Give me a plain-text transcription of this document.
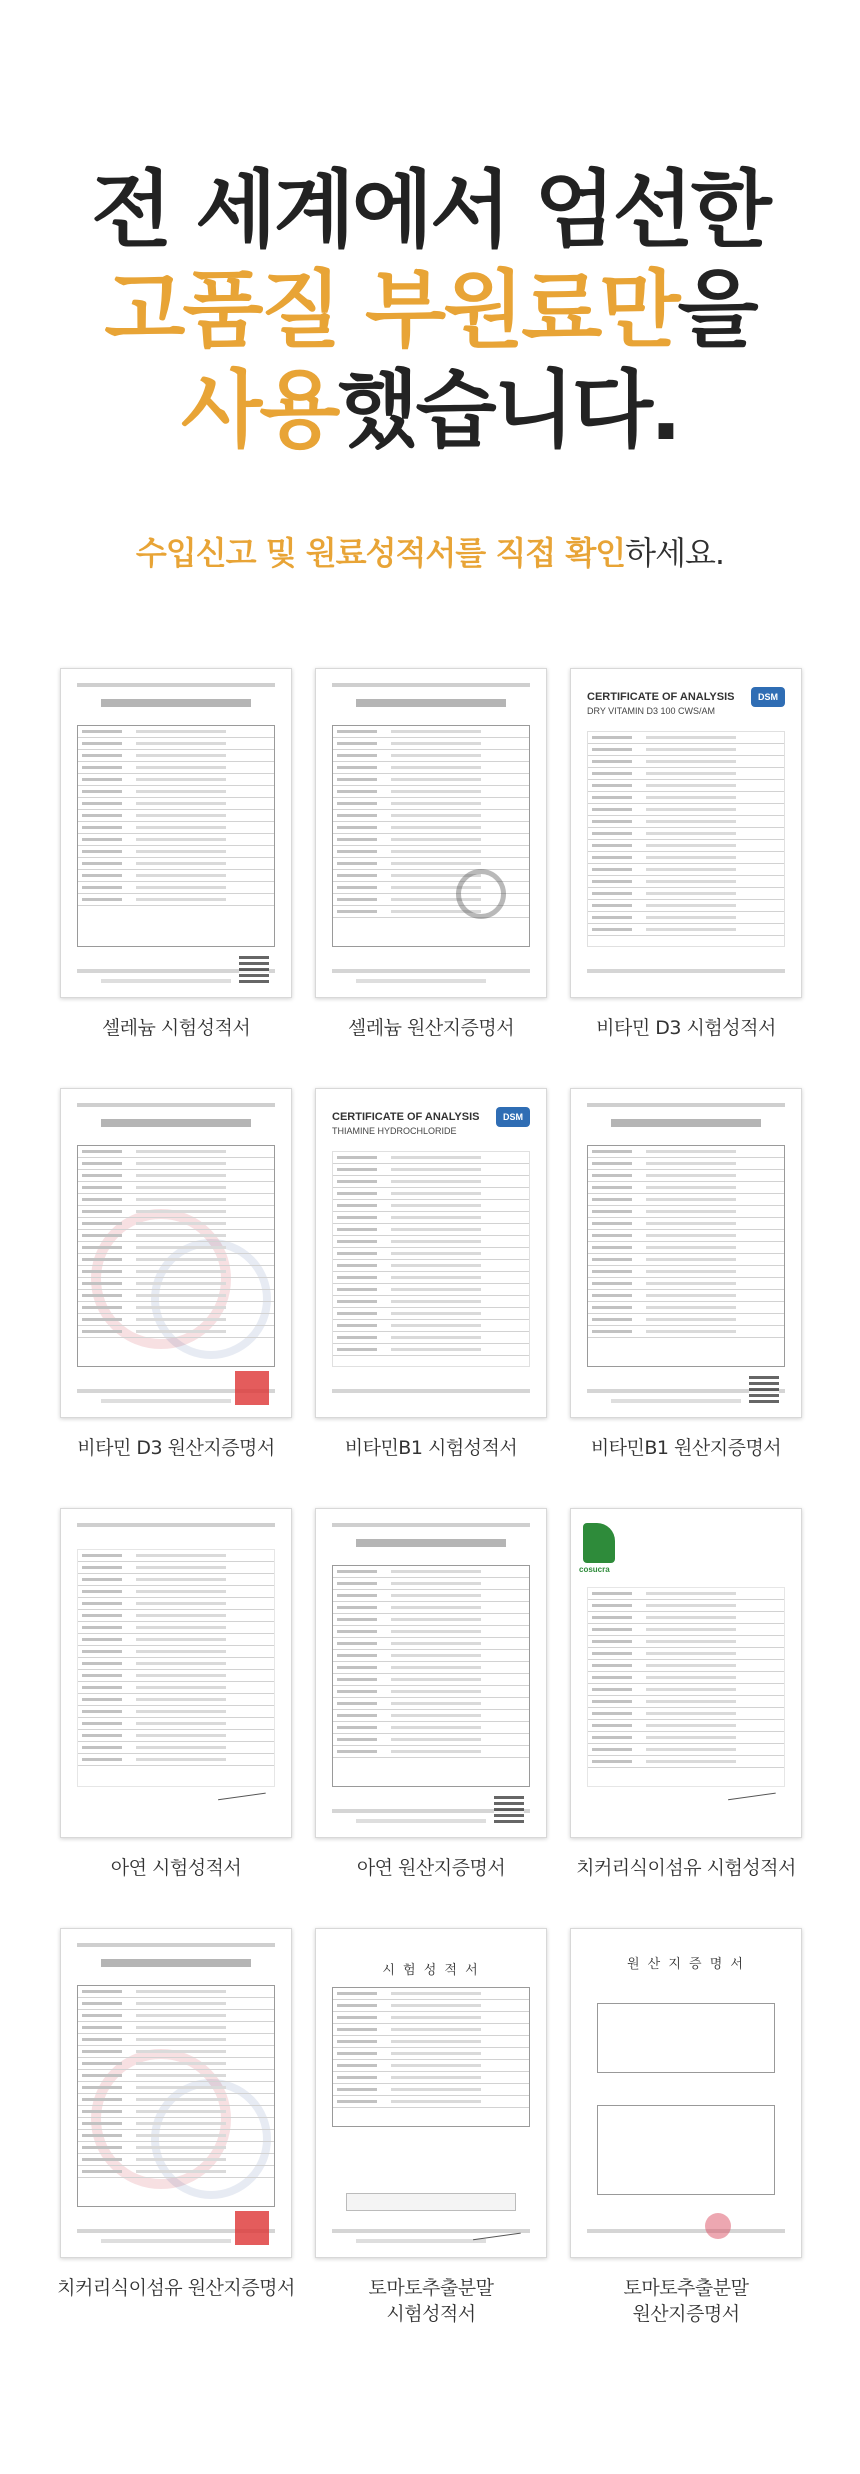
전 세계에서 엄선한
고품질 부원료만을
사용했습니다.
수입신고 및 원료성적서를 직접 확인하세요.
셀레늄 시험성적서	셀레늄 원산지증명서
CERTIFICATE OF ANALYSIS
DRY VITAMIN D3 100 CWS/AM
DSM
비타민 D3 시험성적서
비타민 D3 원산지증명서
CERTIFICATE OF ANALYSIS
THIAMINE HYDROCHLORIDE
DSM
비타민B1 시험성적서	비타민B1 원산지증명서
아연 시험성적서	아연 원산지증명서
cosucra
치커리식이섬유 시험성적서
치커리식이섬유 원산지증명서
시 험 성 적 서
토마토추출분말
시험성적서
원 산 지 증 명 서
토마토추출분말
원산지증명서
